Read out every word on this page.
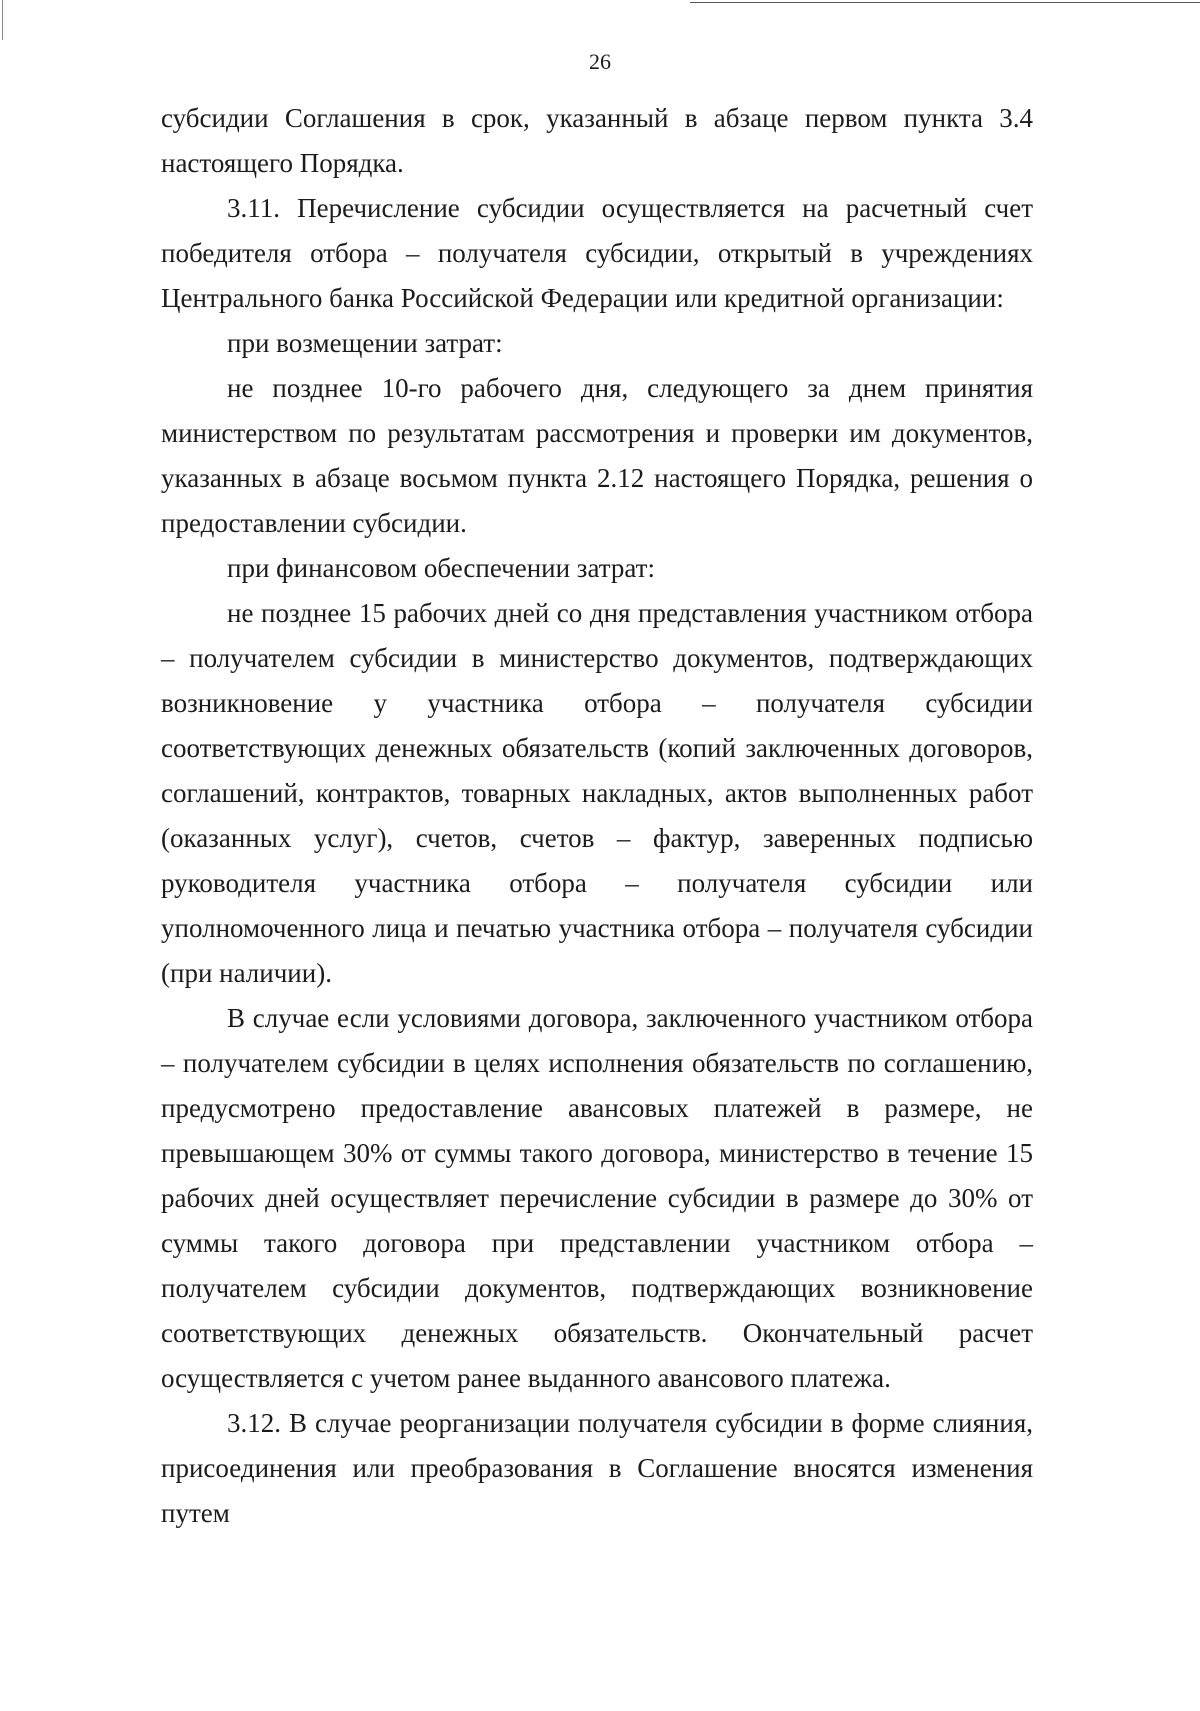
26

субсидии Соглашения в срок, указанный в абзаце первом пункта 3.4 настоящего Порядка.

3.11. Перечисление субсидии осуществляется на расчетный счет победителя отбора – получателя субсидии, открытый в учреждениях Центрального банка Российской Федерации или кредитной организации:

при возмещении затрат:

не позднее 10-го рабочего дня, следующего за днем принятия министерством по результатам рассмотрения и проверки им документов, указанных в абзаце восьмом пункта 2.12 настоящего Порядка, решения о предоставлении субсидии.

при финансовом обеспечении затрат:

не позднее 15 рабочих дней со дня представления участником отбора – получателем субсидии в министерство документов, подтверждающих возникновение у участника отбора – получателя субсидии соответствующих денежных обязательств (копий заключенных договоров, соглашений, контрактов, товарных накладных, актов выполненных работ (оказанных услуг), счетов, счетов – фактур, заверенных подписью руководителя участника отбора – получателя субсидии или уполномоченного лица и печатью участника отбора – получателя субсидии (при наличии).

В случае если условиями договора, заключенного участником отбора – получателем субсидии в целях исполнения обязательств по соглашению, предусмотрено предоставление авансовых платежей в размере, не превышающем 30% от суммы такого договора, министерство в течение 15 рабочих дней осуществляет перечисление субсидии в размере до 30% от суммы такого договора при представлении участником отбора – получателем субсидии документов, подтверждающих возникновение соответствующих денежных обязательств. Окончательный расчет осуществляется с учетом ранее выданного авансового платежа.

3.12. В случае реорганизации получателя субсидии в форме слияния, присоединения или преобразования в Соглашение вносятся изменения путем
